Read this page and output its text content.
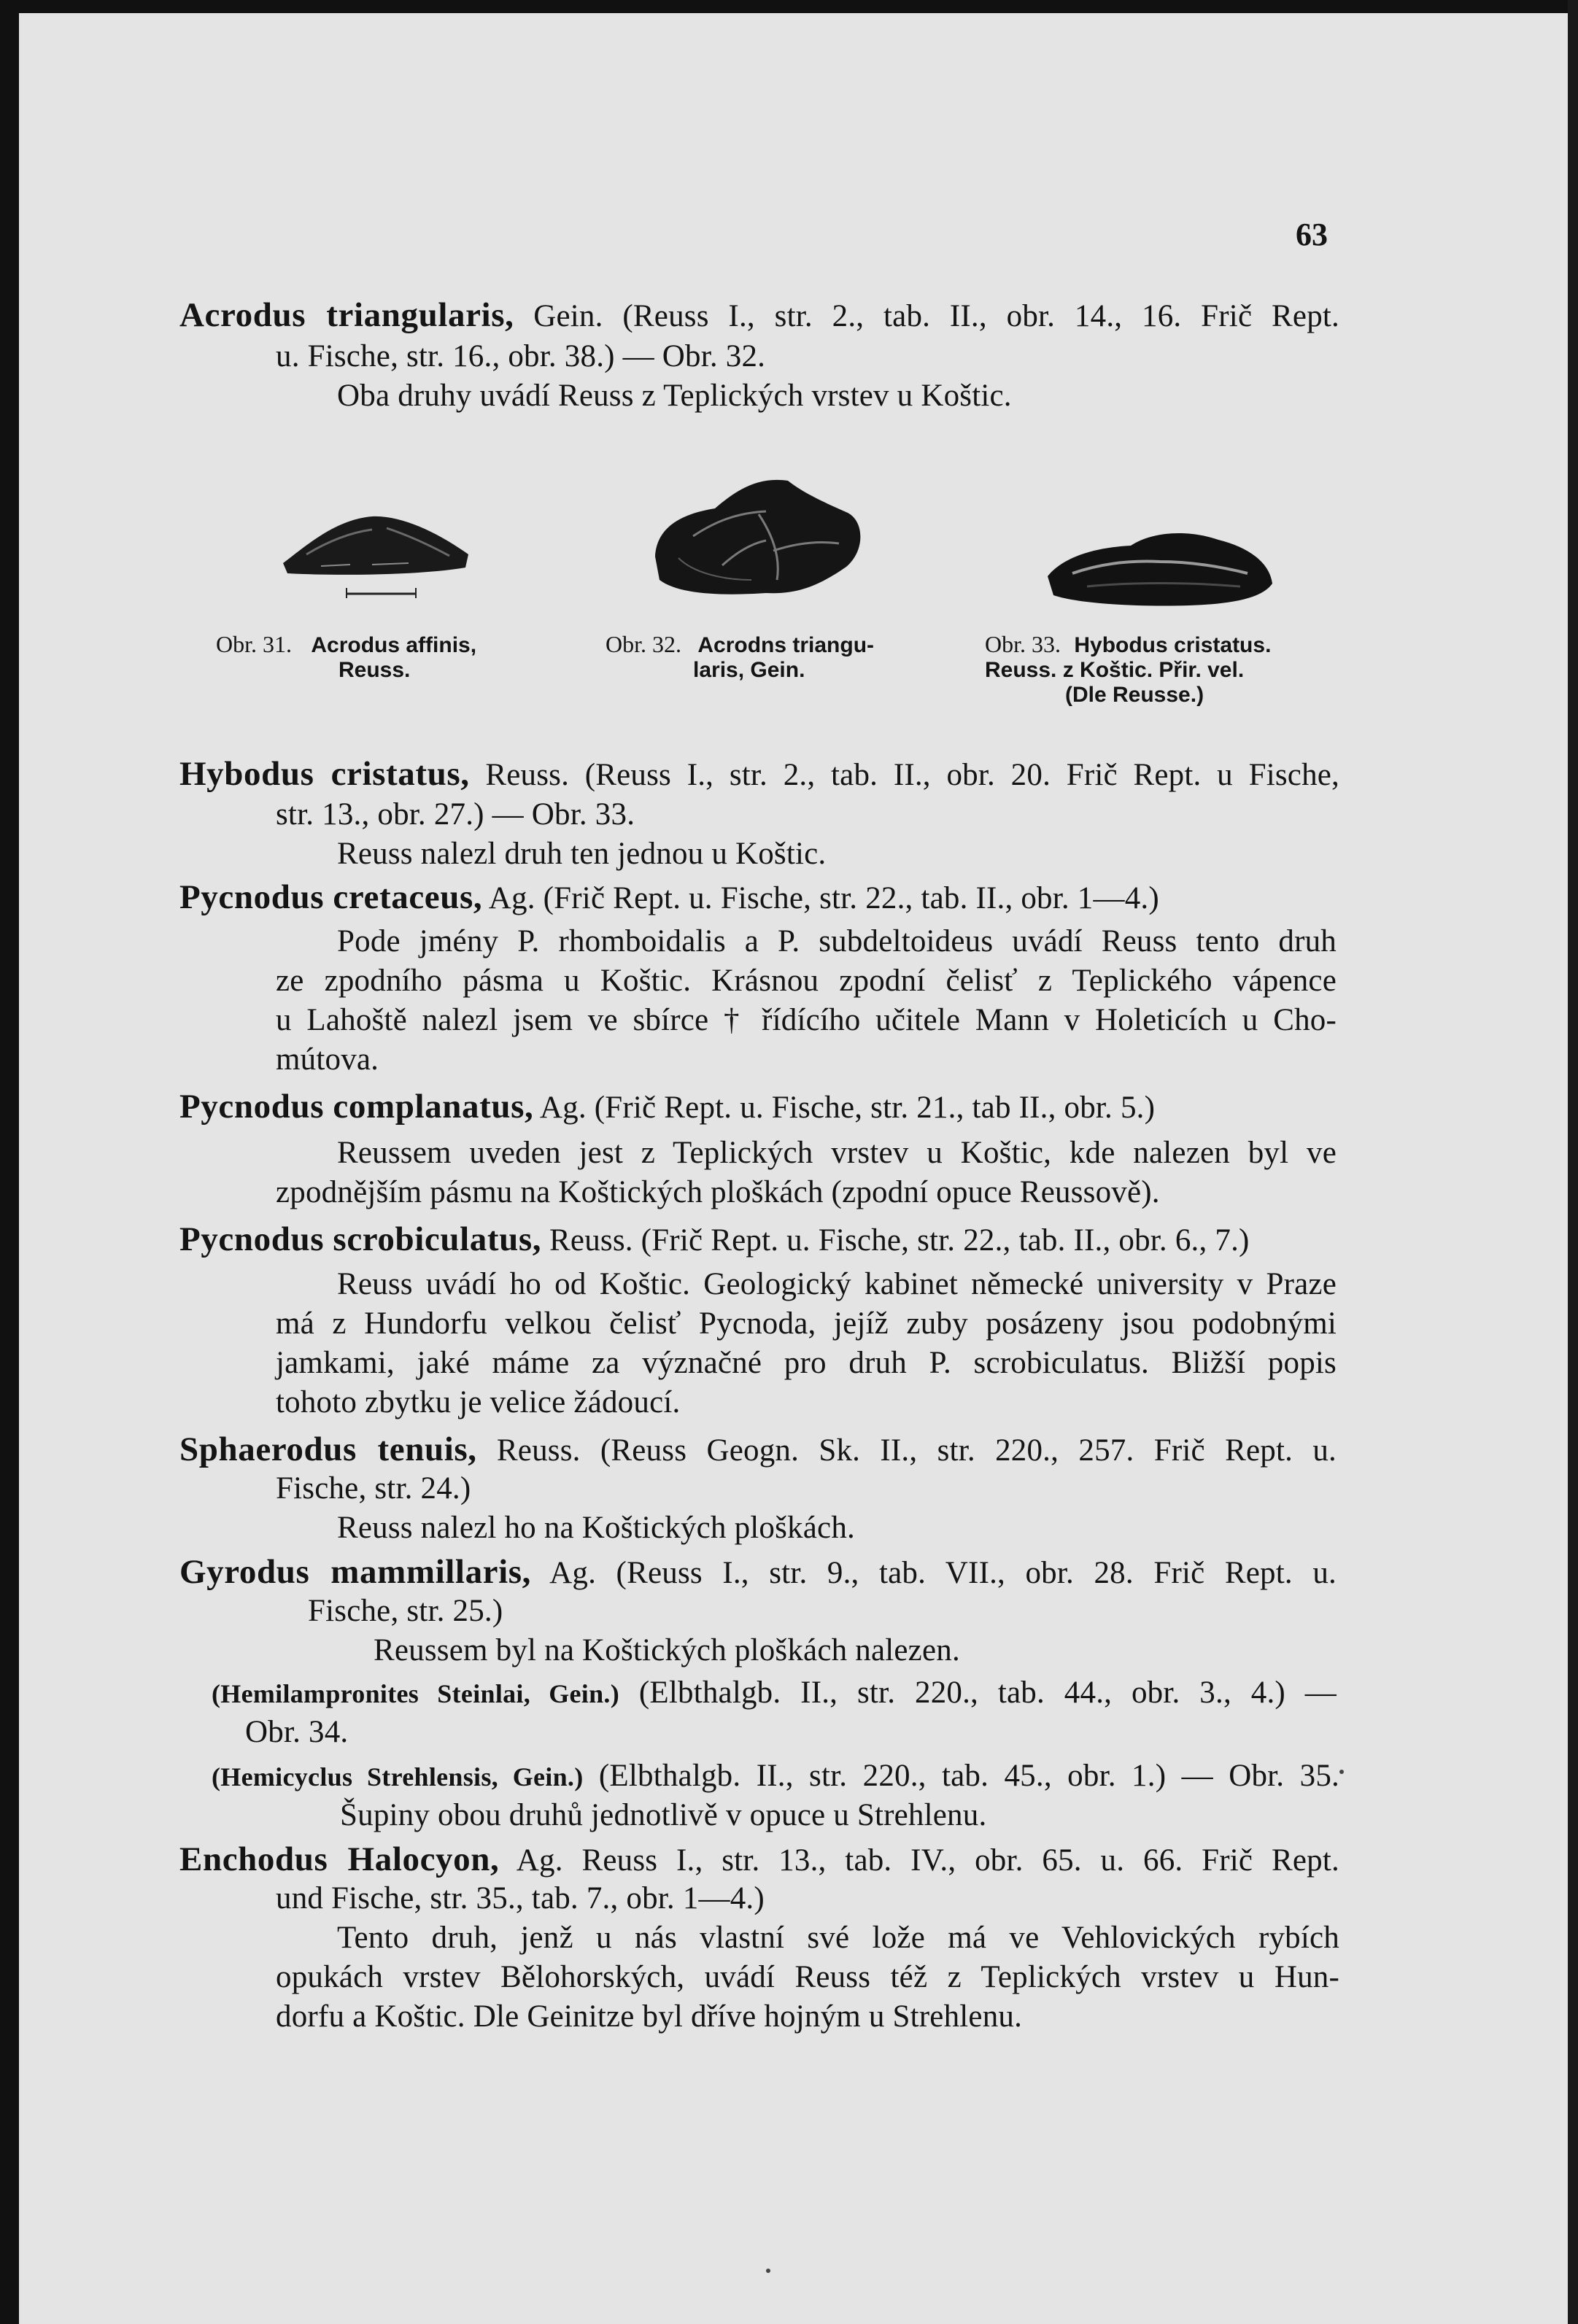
63
Acrodus triangularis, Gein. (Reuss I., str. 2., tab. II., obr. 14., 16. Frič Rept.
u. Fische, str. 16., obr. 38.) — Obr. 32.
Oba druhy uvádí Reuss z Teplických vrstev u Koštic.
Obr. 31. Acrodus affinis,
Reuss.
Obr. 32. Acrodns triangu-
laris, Gein.
Obr. 33. Hybodus cristatus.
Reuss. z Koštic. Přir. vel.
(Dle Reusse.)
Hybodus cristatus, Reuss. (Reuss I., str. 2., tab. II., obr. 20. Frič Rept. u Fische,
str. 13., obr. 27.) — Obr. 33.
Reuss nalezl druh ten jednou u Koštic.
Pycnodus cretaceus, Ag. (Frič Rept. u. Fische, str. 22., tab. II., obr. 1—4.)
Pode jmény P. rhomboidalis a P. subdeltoideus uvádí Reuss tento druh
ze zpodního pásma u Koštic. Krásnou zpodní čelisť z Teplického vápence
u Lahoště nalezl jsem ve sbírce † řídícího učitele Mann v Holeticích u Cho-
mútova.
Pycnodus complanatus, Ag. (Frič Rept. u. Fische, str. 21., tab II., obr. 5.)
Reussem uveden jest z Teplických vrstev u Koštic, kde nalezen byl ve
zpodnějším pásmu na Koštických ploškách (zpodní opuce Reussově).
Pycnodus scrobiculatus, Reuss. (Frič Rept. u. Fische, str. 22., tab. II., obr. 6., 7.)
Reuss uvádí ho od Koštic. Geologický kabinet německé university v Praze
má z Hundorfu velkou čelisť Pycnoda, jejíž zuby posázeny jsou podobnými
jamkami, jaké máme za význačné pro druh P. scrobiculatus. Bližší popis
tohoto zbytku je velice žádoucí.
Sphaerodus tenuis, Reuss. (Reuss Geogn. Sk. II., str. 220., 257. Frič Rept. u.
Fische, str. 24.)
Reuss nalezl ho na Koštických ploškách.
Gyrodus mammillaris, Ag. (Reuss I., str. 9., tab. VII., obr. 28. Frič Rept. u.
Fische, str. 25.)
Reussem byl na Koštických ploškách nalezen.
(Hemilampronites Steinlai, Gein.) (Elbthalgb. II., str. 220., tab. 44., obr. 3., 4.) —
Obr. 34.
(Hemicyclus Strehlensis, Gein.) (Elbthalgb. II., str. 220., tab. 45., obr. 1.) — Obr. 35.
Šupiny obou druhů jednotlivě v opuce u Strehlenu.
Enchodus Halocyon, Ag. Reuss I., str. 13., tab. IV., obr. 65. u. 66. Frič Rept.
und Fische, str. 35., tab. 7., obr. 1—4.)
Tento druh, jenž u nás vlastní své lože má ve Vehlovických rybích
opukách vrstev Bělohorských, uvádí Reuss též z Teplických vrstev u Hun-
dorfu a Koštic. Dle Geinitze byl dříve hojným u Strehlenu.
